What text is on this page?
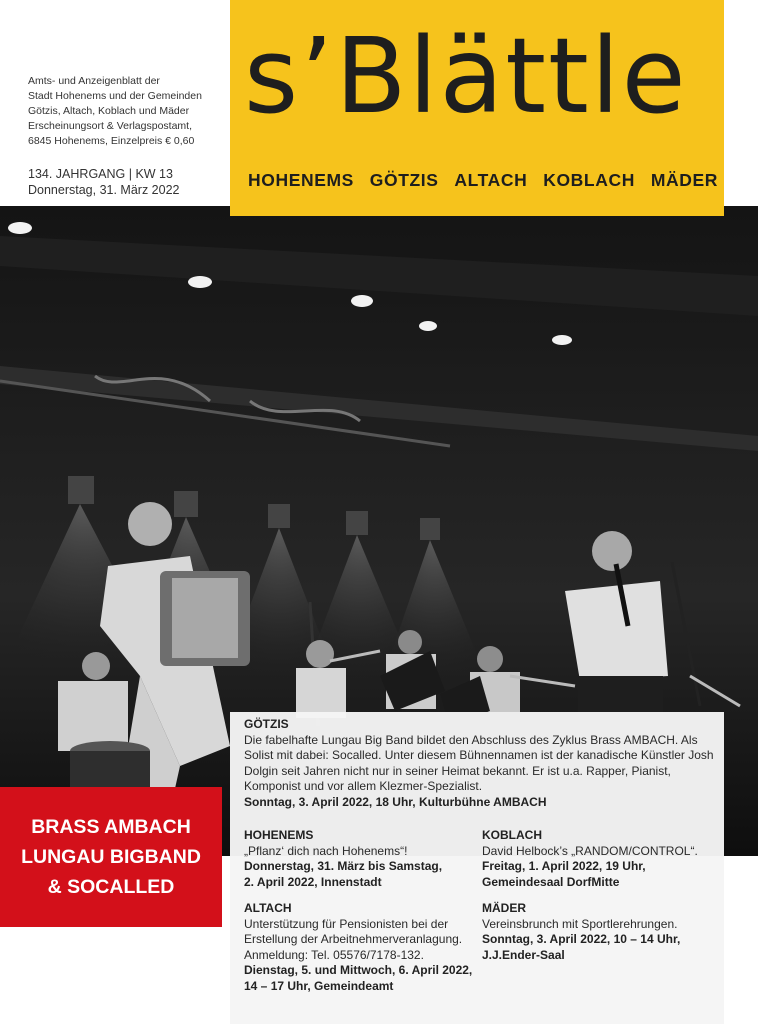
Amts- und Anzeigenblatt der
Stadt Hohenems und der Gemeinden
Götzis, Altach, Koblach und Mäder
Erscheinungsort & Verlagspostamt,
6845 Hohenems, Einzelpreis € 0,60
134. JAHRGANG | KW 13
Donnerstag, 31. März 2022
s’Blättle
HOHENEMS GÖTZIS ALTACH KOBLACH MÄDER
GÖTZIS
Die fabelhafte Lungau Big Band bildet den Abschluss des Zyklus Brass AMBACH. Als Solist mit dabei: Socalled. Unter diesem Bühnennamen ist der kanadische Künstler Josh Dolgin seit Jahren nicht nur in seiner Heimat bekannt. Er ist u.a. Rapper, Pianist, Komponist und vor allem Klezmer-Spezialist.
Sonntag, 3. April 2022, 18 Uhr, Kulturbühne AMBACH

HOHENEMS

„Pflanz‘ dich nach Hohenems“!

Donnerstag, 31. März bis Samstag,

2. April 2022, Innenstadt

KOBLACH

David Helbock’s „RANDOM/CONTROL“.

Freitag, 1. April 2022, 19 Uhr,

Gemeindesaal DorfMitte

ALTACH

Unterstützung für Pensionisten bei der

Erstellung der Arbeitnehmerveranlagung.

Anmeldung: Tel. 05576/7178-132.

Dienstag, 5. und Mittwoch, 6. April 2022,

14 – 17 Uhr, Gemeindeamt

MÄDER

Vereinsbrunch mit Sportlerehrungen.

Sonntag, 3. April 2022, 10 – 14 Uhr,

J.J.Ender-Saal

BRASS AMBACH
LUNGAU BIGBAND
& SOCALLED
